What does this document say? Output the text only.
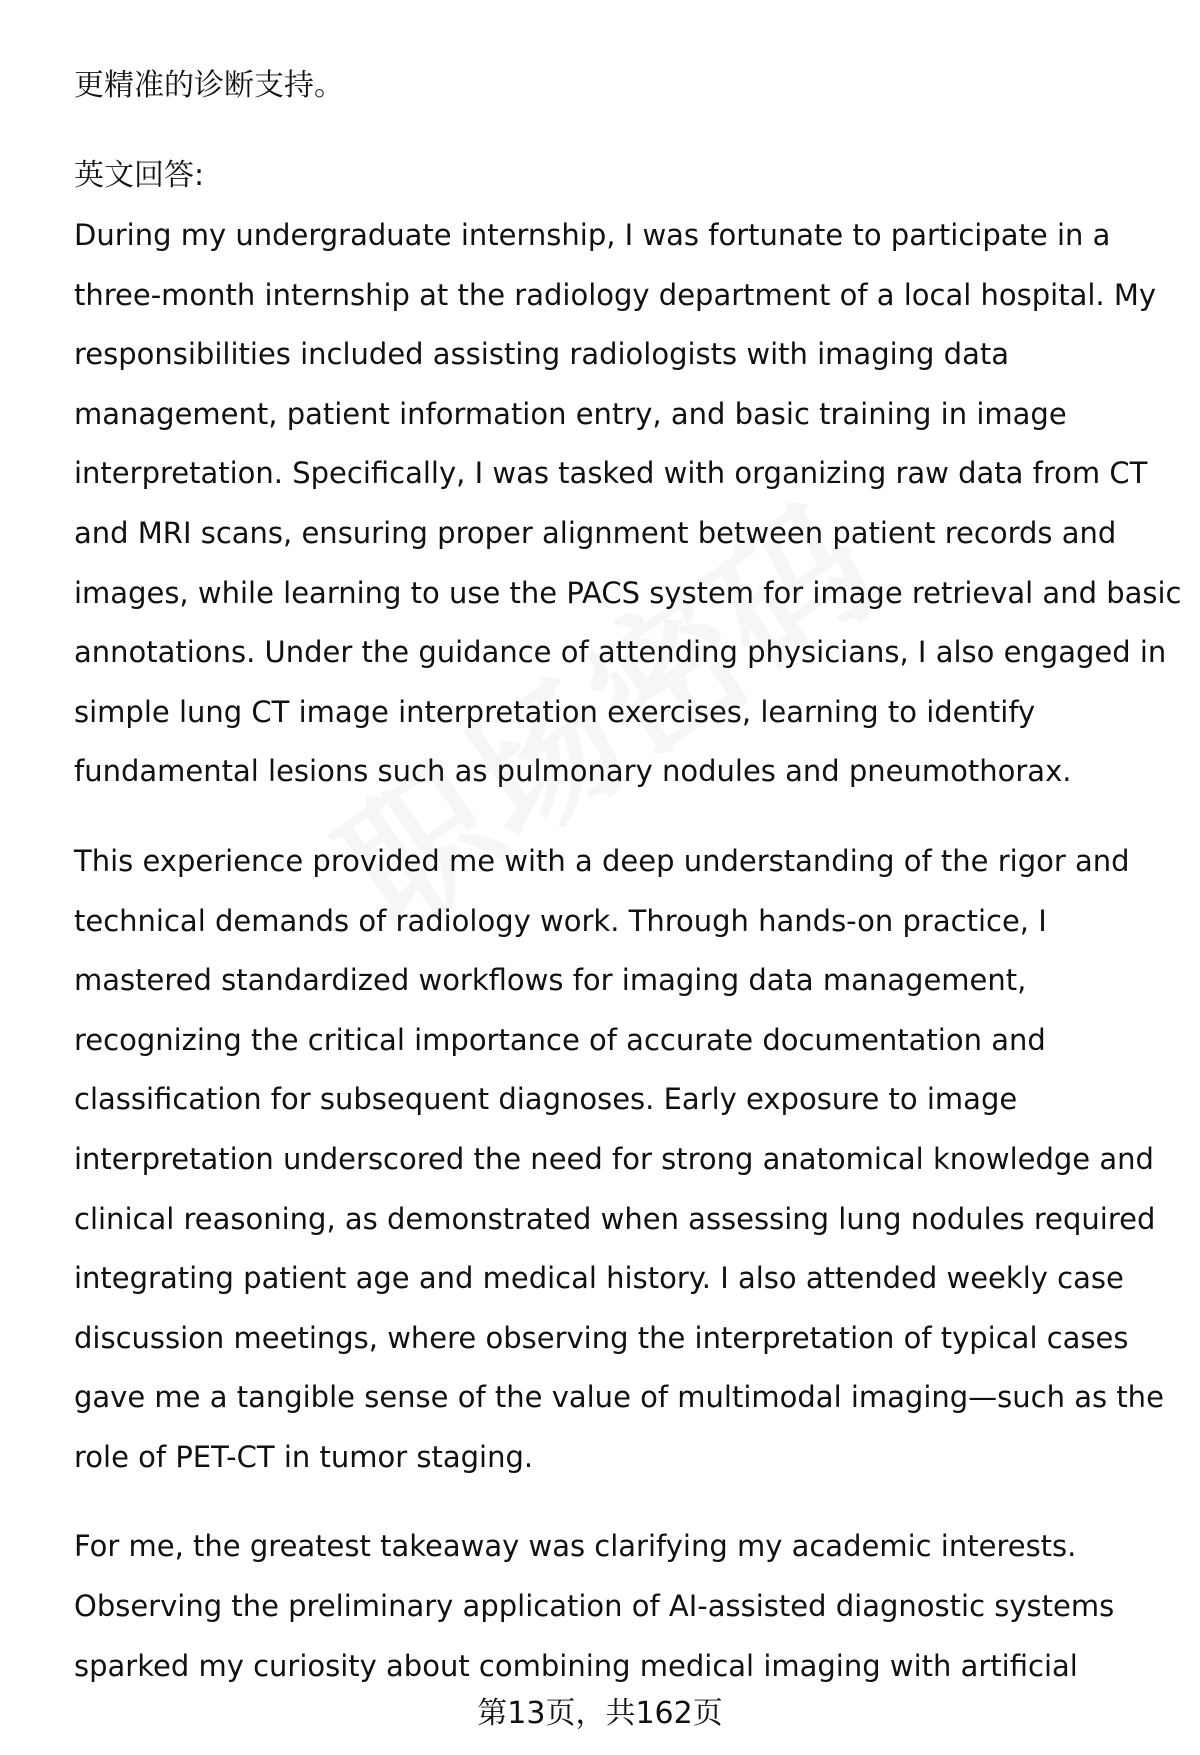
更精准的诊断支持。

英文回答:

During my undergraduate internship, I was fortunate to participate in a
three-month internship at the radiology department of a local hospital. My
responsibilities included assisting radiologists with imaging data
management, patient information entry, and basic training in image
interpretation. Specifically, I was tasked with organizing raw data from CT
and MRI scans, ensuring proper alignment between patient records and
images, while learning to use the PACS system for image retrieval and basic
annotations. Under the guidance of attending physicians, I also engaged in
simple lung CT image interpretation exercises, learning to identify
fundamental lesions such as pulmonary nodules and pneumothorax.
This experience provided me with a deep understanding of the rigor and
technical demands of radiology work. Through hands-on practice, I
mastered standardized workflows for imaging data management,
recognizing the critical importance of accurate documentation and
classification for subsequent diagnoses. Early exposure to image
interpretation underscored the need for strong anatomical knowledge and
clinical reasoning, as demonstrated when assessing lung nodules required
integrating patient age and medical history. I also attended weekly case
discussion meetings, where observing the interpretation of typical cases
gave me a tangible sense of the value of multimodal imaging—such as the
role of PET-CT in tumor staging.
For me, the greatest takeaway was clarifying my academic interests.
Observing the preliminary application of AI-assisted diagnostic systems
sparked my curiosity about combining medical imaging with artificial
第13页，共162页
